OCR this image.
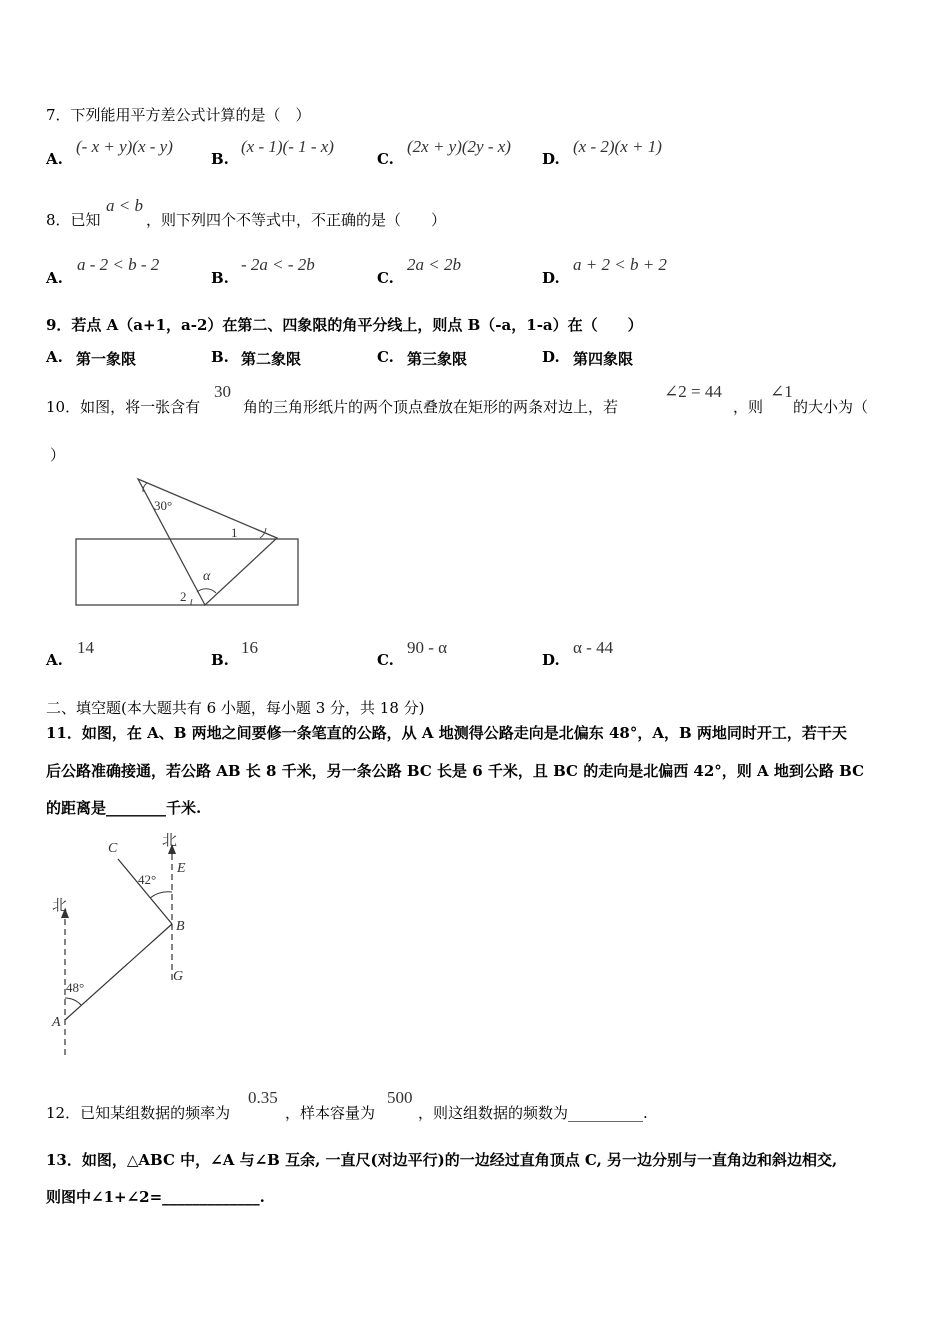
7．下列能用平方差公式计算的是（　）
A.
(- x + y)(x - y)
B.
(x - 1)(- 1 - x)
C.
(2x + y)(2y - x)
D.
(x - 2)(x + 1)
8．已知
a < b
，则下列四个不等式中，不正确的是（　　）
A.
a - 2 < b - 2
B.
- 2a < - 2b
C.
2a < 2b
D.
a + 2 < b + 2
9．若点 A（a+1，a-2）在第二、四象限的角平分线上，则点 B（-a，1-a）在（　　）
A. 第一象限	B. 第二象限	C. 第三象限	D. 第四象限
10．如图，将一张含有
30
角的三角形纸片的两个顶点叠放在矩形的两条对边上，若
∠2 = 44
，则
∠1
的大小为（
）
30°
1
α
2
A.
14
B.
16
C.
90 - α
D.
α - 44
二、填空题(本大题共有 6 小题，每小题 3 分，共 18 分)
11．如图，在 A、B 两地之间要修一条笔直的公路，从 A 地测得公路走向是北偏东 48°，A，B 两地同时开工，若干天
后公路准确接通，若公路 AB 长 8 千米，另一条公路 BC 长是 6 千米，且 BC 的走向是北偏西 42°，则 A 地到公路 BC
的距离是________千米.
北
北
C
E
42°
B
G
48°
A
12．已知某组数据的频率为
0.35
，样本容量为
500
，则这组数据的频数为__________.
13．如图，△ABC 中，∠A 与∠B 互余, 一直尺(对边平行)的一边经过直角顶点 C, 另一边分别与一直角边和斜边相交,
则图中∠1+∠2=_____________.
